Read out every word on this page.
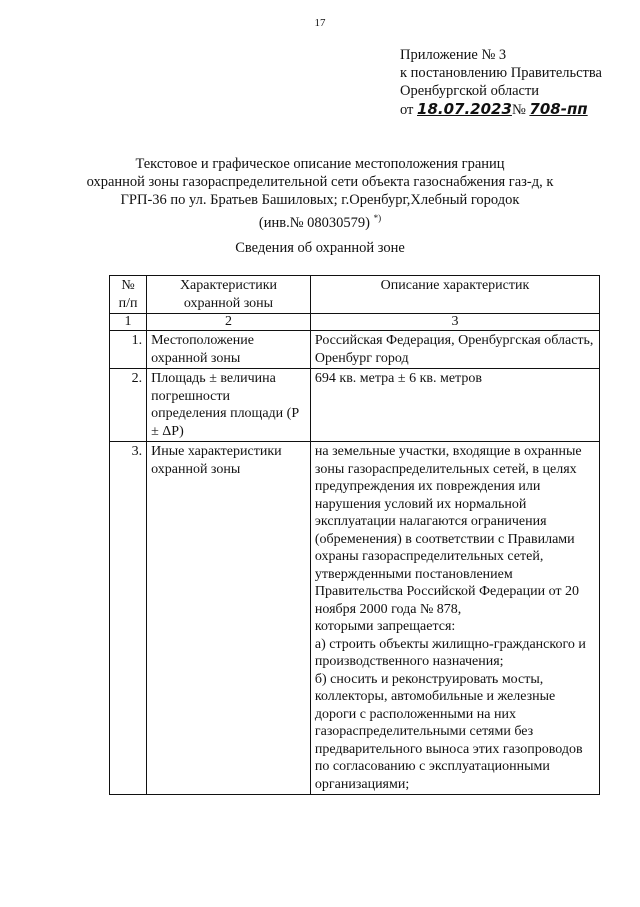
17
Приложение № 3
к постановлению Правительства
Оренбургской области
от 18.07.2023№ 708-пп
Текстовое и графическое описание местоположения границ
охранной зоны газораспределительной сети объекта газоснабжения газ-д, к
ГРП-36 по ул. Братьев Башиловых; г.Оренбург,Хлебный городок
(инв.№ 08030579) *)
Сведения об охранной зоне
№ п/п	Характеристики охранной зоны	Описание характеристик
1	2	3
1.	Местоположение охранной зоны	Российская Федерация, Оренбургская область, Оренбург город
2.	Площадь ± величина погрешности определения площади (P ± ΔP)	694 кв. метра ± 6 кв. метров
3.	Иные характеристики охранной зоны	на земельные участки, входящие в охранные зоны газораспределительных сетей, в целях предупреждения их повреждения или нарушения условий их нормальной эксплуатации налагаются ограничения (обременения) в соответствии с Правилами охраны газораспределительных сетей, утвержденными постановлением Правительства Российской Федерации от 20 ноября 2000 года № 878,
которыми запрещается:
а) строить объекты жилищно-гражданского и производственного назначения;
б) сносить и реконструировать мосты, коллекторы, автомобильные и железные дороги с расположенными на них газораспределительными сетями без предварительного выноса этих газопроводов по согласованию с эксплуатационными организациями;
